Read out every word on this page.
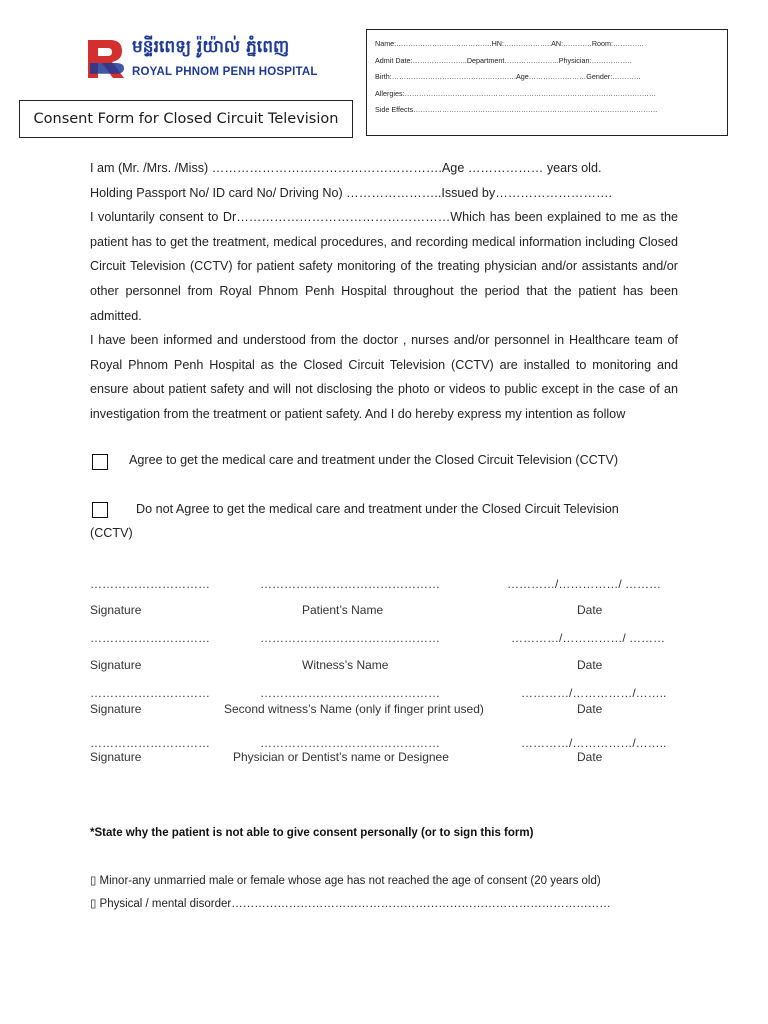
មន្ទីរពេទ្យ រ៉ូយ៉ាល់ ភ្នំពេញ
ROYAL PHNOM PENH HOSPITAL
Consent Form for Closed Circuit Television
Name:………………………………….HN:………………..AN:…………Room:………….
Admit Date:…………………..Department…………………..Physician:……………..
Birth:…………………………………………….Age……………………Gender:…………
Allergies:……………………………………………………………………………………………
Side Effects…………………………………………………………………………………………

I am (Mr. /Mrs. /Miss) ……………………………………………….Age ……………… years old.

Holding Passport No/ ID card No/ Driving No) …………………..Issued by……………………….

I voluntarily consent to Dr……………………………………………Which has been explained to me as the patient has to get the treatment, medical procedures, and recording medical information including Closed Circuit Television (CCTV) for patient safety monitoring of the treating physician and/or assistants and/or other personnel from Royal Phnom Penh Hospital throughout the period that the patient has been admitted.

I have been informed and understood from the doctor , nurses and/or personnel in Healthcare team of Royal Phnom Penh Hospital as the Closed Circuit Television (CCTV) are installed to monitoring and ensure about patient safety and will not disclosing the photo or videos to public except in the case of an investigation from the treatment or patient safety. And I do hereby express my intention as follow

Agree to get the medical care and treatment under the Closed Circuit Television (CCTV)
Do not Agree to get the medical care and treatment under the Closed Circuit Television
(CCTV)
…………………………	………………………………………	…………/……………/ ………
Signature	Patient’s Name	Date
…………………………	………………………………………	…………/……………/ ………
Signature	Witness’s Name	Date
…………………………	………………………………………	…………/……………/……..
Signature	Second witness’s Name (only if finger print used)	Date
…………………………	………………………………………	…………/……………/……..
Signature	Physician or Dentist’s name or Designee	Date
*State why the patient is not able to give consent personally (or to sign this form)
▯ Minor-any unmarried male or female whose age has not reached the age of consent (20 years old)
▯ Physical / mental disorder………………………………………………………………………………………
